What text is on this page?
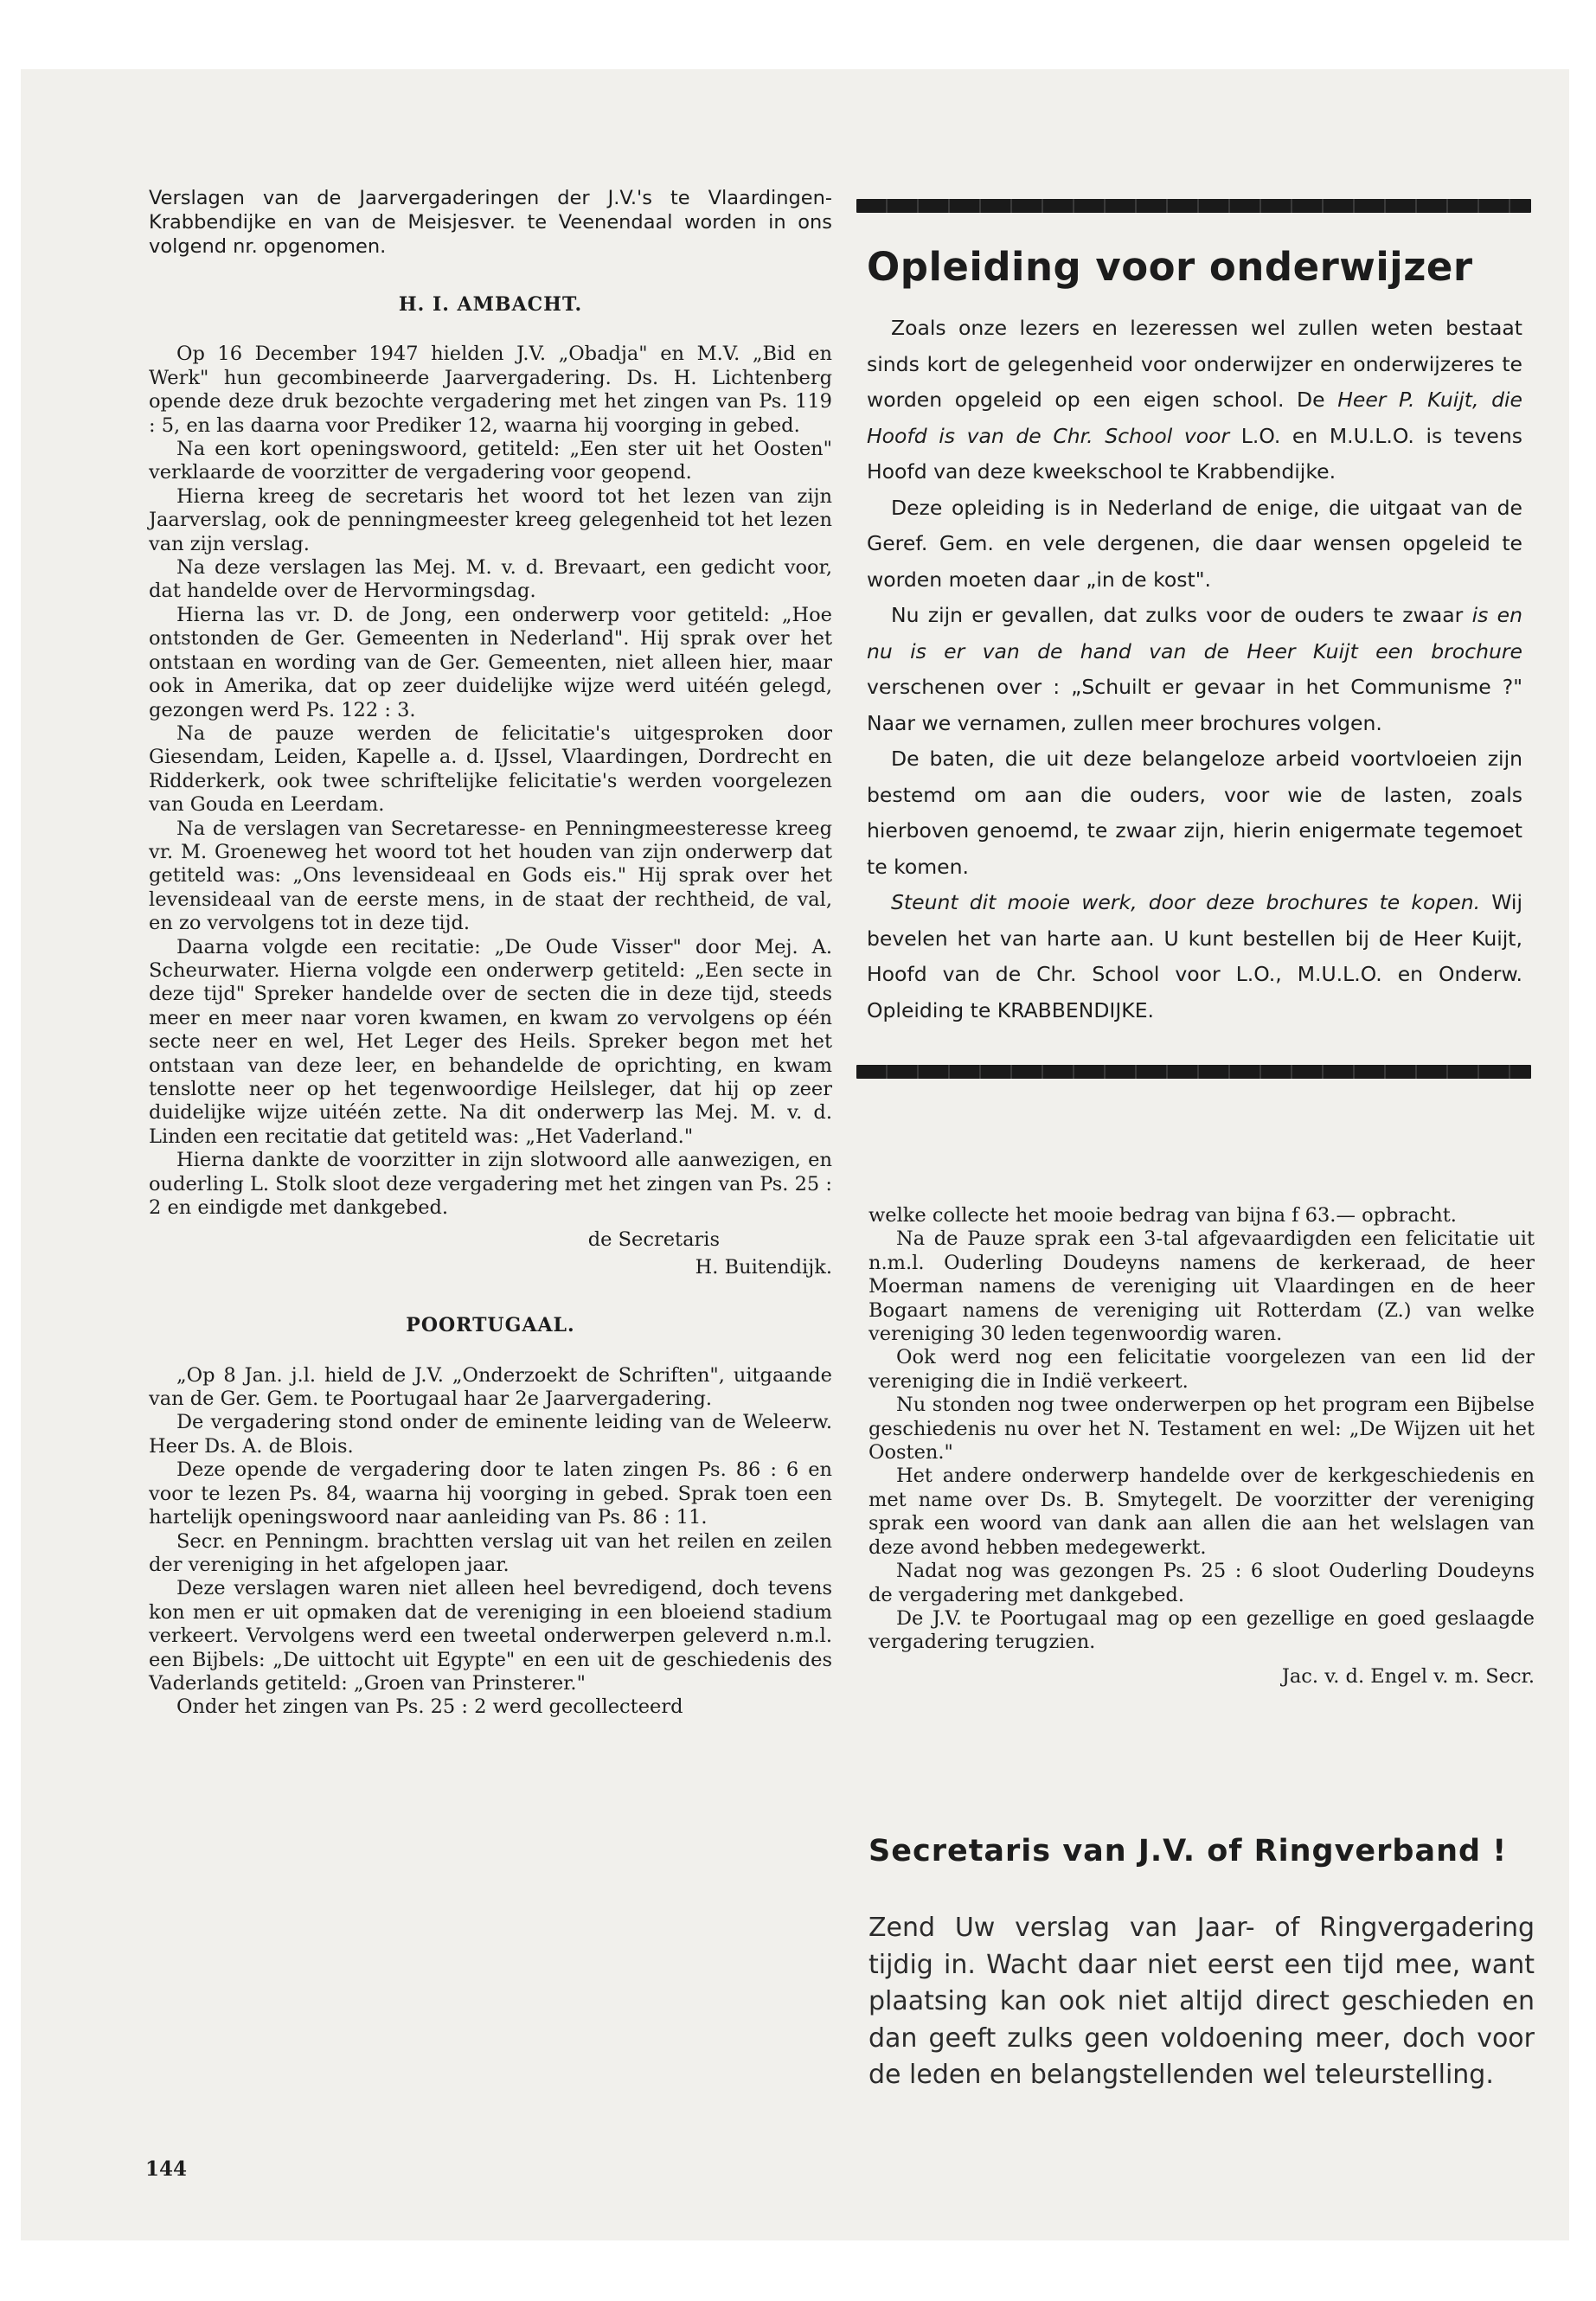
Verslagen van de Jaarvergaderingen der J.V.'s te Vlaardingen-Krabbendijke en van de Meisjesver. te Veenendaal worden in ons volgend nr. opgenomen.

H. I. AMBACHT.

Op 16 December 1947 hielden J.V. „Obadja" en M.V. „Bid en Werk" hun gecombineerde Jaarvergadering. Ds. H. Lichtenberg opende deze druk bezochte vergadering met het zingen van Ps. 119 : 5, en las daarna voor Prediker 12, waarna hij voorging in gebed.

Na een kort openingswoord, getiteld: „Een ster uit het Oosten" verklaarde de voorzitter de vergadering voor geopend.

Hierna kreeg de secretaris het woord tot het lezen van zijn Jaarverslag, ook de penningmeester kreeg gelegenheid tot het lezen van zijn verslag.

Na deze verslagen las Mej. M. v. d. Brevaart, een gedicht voor, dat handelde over de Hervormingsdag.

Hierna las vr. D. de Jong, een onderwerp voor getiteld: „Hoe ontstonden de Ger. Gemeenten in Nederland". Hij sprak over het ontstaan en wording van de Ger. Gemeenten, niet alleen hier, maar ook in Amerika, dat op zeer duidelijke wijze werd uitéén gelegd, gezongen werd Ps. 122 : 3.

Na de pauze werden de felicitatie's uitgesproken door Giesendam, Leiden, Kapelle a. d. IJssel, Vlaardingen, Dordrecht en Ridderkerk, ook twee schriftelijke felicitatie's werden voorgelezen van Gouda en Leerdam.

Na de verslagen van Secretaresse- en Penningmeesteresse kreeg vr. M. Groeneweg het woord tot het houden van zijn onderwerp dat getiteld was: „Ons levensideaal en Gods eis." Hij sprak over het levensideaal van de eerste mens, in de staat der rechtheid, de val, en zo vervolgens tot in deze tijd.

Daarna volgde een recitatie: „De Oude Visser" door Mej. A. Scheurwater. Hierna volgde een onderwerp getiteld: „Een secte in deze tijd" Spreker handelde over de secten die in deze tijd, steeds meer en meer naar voren kwamen, en kwam zo vervolgens op één secte neer en wel, Het Leger des Heils. Spreker begon met het ontstaan van deze leer, en behandelde de oprichting, en kwam tenslotte neer op het tegenwoordige Heilsleger, dat hij op zeer duidelijke wijze uitéén zette. Na dit onderwerp las Mej. M. v. d. Linden een recitatie dat getiteld was: „Het Vaderland."

Hierna dankte de voorzitter in zijn slotwoord alle aanwezigen, en ouderling L. Stolk sloot deze vergadering met het zingen van Ps. 25 : 2 en eindigde met dankgebed.

de Secretaris

H. Buitendijk.

POORTUGAAL.

„Op 8 Jan. j.l. hield de J.V. „Onderzoekt de Schriften", uitgaande van de Ger. Gem. te Poortugaal haar 2e Jaarvergadering.

De vergadering stond onder de eminente leiding van de Weleerw. Heer Ds. A. de Blois.

Deze opende de vergadering door te laten zingen Ps. 86 : 6 en voor te lezen Ps. 84, waarna hij voorging in gebed. Sprak toen een hartelijk openingswoord naar aanleiding van Ps. 86 : 11.

Secr. en Penningm. brachtten verslag uit van het reilen en zeilen der vereniging in het afgelopen jaar.

Deze verslagen waren niet alleen heel bevredigend, doch tevens kon men er uit opmaken dat de vereniging in een bloeiend stadium verkeert. Vervolgens werd een tweetal onderwerpen geleverd n.m.l. een Bijbels: „De uittocht uit Egypte" en een uit de geschiedenis des Vaderlands getiteld: „Groen van Prinsterer."

Onder het zingen van Ps. 25 : 2 werd gecollecteerd

Opleiding voor onderwijzer

Zoals onze lezers en lezeressen wel zullen weten bestaat sinds kort de gelegenheid voor onderwijzer en onderwijzeres te worden opgeleid op een eigen school. De Heer P. Kuijt, die Hoofd is van de Chr. School voor L.O. en M.U.L.O. is tevens Hoofd van deze kweekschool te Krabbendijke.

Deze opleiding is in Nederland de enige, die uitgaat van de Geref. Gem. en vele dergenen, die daar wensen opgeleid te worden moeten daar „in de kost".

Nu zijn er gevallen, dat zulks voor de ouders te zwaar is en nu is er van de hand van de Heer Kuijt een brochure verschenen over : „Schuilt er gevaar in het Communisme ?" Naar we vernamen, zullen meer brochures volgen.

De baten, die uit deze belangeloze arbeid voortvloeien zijn bestemd om aan die ouders, voor wie de lasten, zoals hierboven genoemd, te zwaar zijn, hierin enigermate tegemoet te komen.

Steunt dit mooie werk, door deze brochures te kopen. Wij bevelen het van harte aan. U kunt bestellen bij de Heer Kuijt, Hoofd van de Chr. School voor L.O., M.U.L.O. en Onderw. Opleiding te KRABBENDIJKE.

welke collecte het mooie bedrag van bijna f 63.— opbracht.

Na de Pauze sprak een 3-tal afgevaardigden een felicitatie uit n.m.l. Ouderling Doudeyns namens de kerkeraad, de heer Moerman namens de vereniging uit Vlaardingen en de heer Bogaart namens de vereniging uit Rotterdam (Z.) van welke vereniging 30 leden tegenwoordig waren.

Ook werd nog een felicitatie voorgelezen van een lid der vereniging die in Indië verkeert.

Nu stonden nog twee onderwerpen op het program een Bijbelse geschiedenis nu over het N. Testament en wel: „De Wijzen uit het Oosten."

Het andere onderwerp handelde over de kerkgeschiedenis en met name over Ds. B. Smytegelt. De voorzitter der vereniging sprak een woord van dank aan allen die aan het welslagen van deze avond hebben medegewerkt.

Nadat nog was gezongen Ps. 25 : 6 sloot Ouderling Doudeyns de vergadering met dankgebed.

De J.V. te Poortugaal mag op een gezellige en goed geslaagde vergadering terugzien.

Jac. v. d. Engel v. m. Secr.

Secretaris van J.V. of Ringverband !
Zend Uw verslag van Jaar- of Ringvergadering tijdig in. Wacht daar niet eerst een tijd mee, want plaatsing kan ook niet altijd direct geschieden en dan geeft zulks geen voldoening meer, doch voor de leden en belangstellenden wel teleurstelling.
144
